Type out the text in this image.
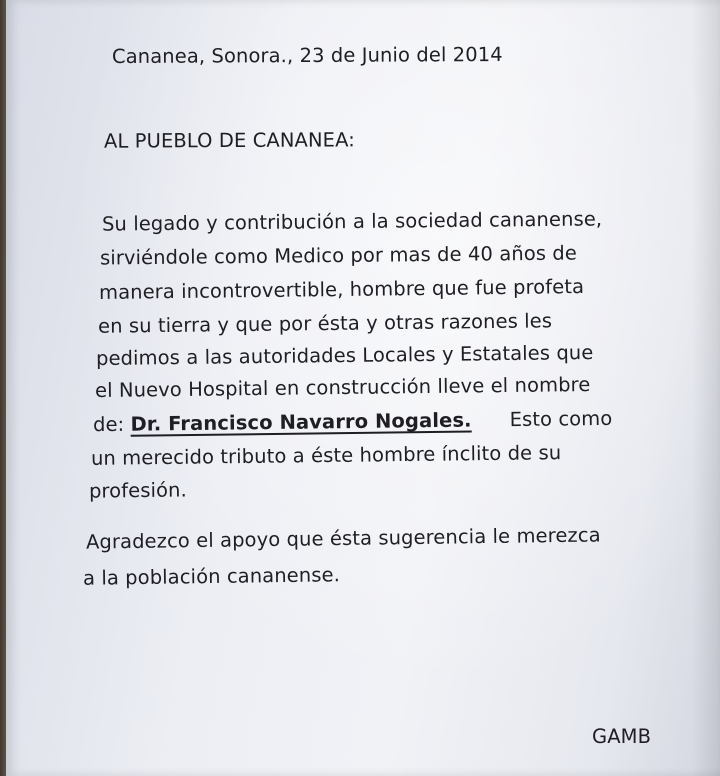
Cananea, Sonora., 23 de Junio del 2014
AL PUEBLO DE CANANEA:
Su legado y contribución a la sociedad cananense,
sirviéndole como Medico por mas de 40 años de
manera incontrovertible, hombre que fue profeta
en su tierra y que por ésta y otras razones les
pedimos a las autoridades Locales y Estatales que
el Nuevo Hospital en construcción lleve el nombre
de: Dr. Francisco Navarro Nogales. Esto como
un merecido tributo a éste hombre ínclito de su
profesión.
Agradezco el apoyo que ésta sugerencia le merezca
a la población cananense.
GAMB
